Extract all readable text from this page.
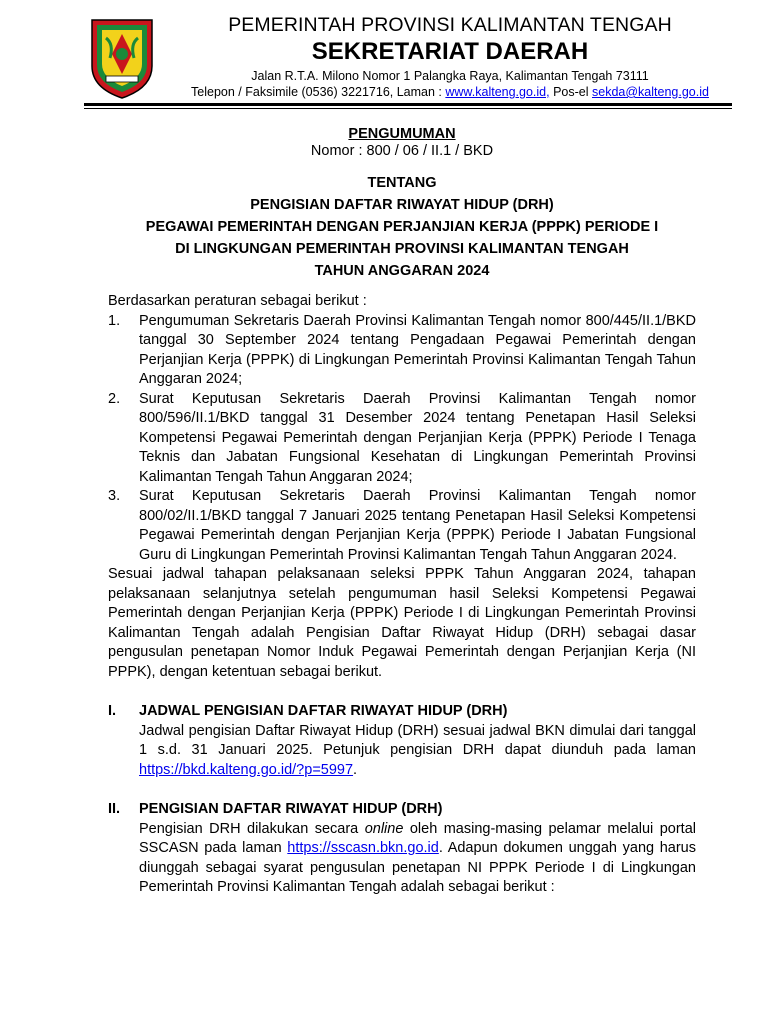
PEMERINTAH PROVINSI KALIMANTAN TENGAH
SEKRETARIAT DAERAH
Jalan R.T.A. Milono Nomor 1 Palangka Raya, Kalimantan Tengah 73111
Telepon / Faksimile (0536) 3221716, Laman : www.kalteng.go.id, Pos-el sekda@kalteng.go.id
PENGUMUMAN
Nomor : 800 / 06 / II.1 / BKD
TENTANG
PENGISIAN DAFTAR RIWAYAT HIDUP (DRH)
PEGAWAI PEMERINTAH DENGAN PERJANJIAN KERJA (PPPK) PERIODE I
DI LINGKUNGAN PEMERINTAH PROVINSI KALIMANTAN TENGAH
TAHUN ANGGARAN 2024

Berdasarkan peraturan sebagai berikut :

1. Pengumuman Sekretaris Daerah Provinsi Kalimantan Tengah nomor 800/445/II.1/BKD tanggal 30 September 2024 tentang Pengadaan Pegawai Pemerintah dengan Perjanjian Kerja (PPPK) di Lingkungan Pemerintah Provinsi Kalimantan Tengah Tahun Anggaran 2024;
2. Surat Keputusan Sekretaris Daerah Provinsi Kalimantan Tengah nomor 800/596/II.1/BKD tanggal 31 Desember 2024 tentang Penetapan Hasil Seleksi Kompetensi Pegawai Pemerintah dengan Perjanjian Kerja (PPPK) Periode I Tenaga Teknis dan Jabatan Fungsional Kesehatan di Lingkungan Pemerintah Provinsi Kalimantan Tengah Tahun Anggaran 2024;
3. Surat Keputusan Sekretaris Daerah Provinsi Kalimantan Tengah nomor 800/02/II.1/BKD tanggal 7 Januari 2025 tentang Penetapan Hasil Seleksi Kompetensi Pegawai Pemerintah dengan Perjanjian Kerja (PPPK) Periode I Jabatan Fungsional Guru di Lingkungan Pemerintah Provinsi Kalimantan Tengah Tahun Anggaran 2024.

Sesuai jadwal tahapan pelaksanaan seleksi PPPK Tahun Anggaran 2024, tahapan pelaksanaan selanjutnya setelah pengumuman hasil Seleksi Kompetensi Pegawai Pemerintah dengan Perjanjian Kerja (PPPK) Periode I di Lingkungan Pemerintah Provinsi Kalimantan Tengah adalah Pengisian Daftar Riwayat Hidup (DRH) sebagai dasar pengusulan penetapan Nomor Induk Pegawai Pemerintah dengan Perjanjian Kerja (NI PPPK), dengan ketentuan sebagai berikut.

I. JADWAL PENGISIAN DAFTAR RIWAYAT HIDUP (DRH)
Jadwal pengisian Daftar Riwayat Hidup (DRH) sesuai jadwal BKN dimulai dari tanggal 1 s.d. 31 Januari 2025. Petunjuk pengisian DRH dapat diunduh pada laman https://bkd.kalteng.go.id/?p=5997.
II. PENGISIAN DAFTAR RIWAYAT HIDUP (DRH)
Pengisian DRH dilakukan secara online oleh masing-masing pelamar melalui portal SSCASN pada laman https://sscasn.bkn.go.id. Adapun dokumen unggah yang harus diunggah sebagai syarat pengusulan penetapan NI PPPK Periode I di Lingkungan Pemerintah Provinsi Kalimantan Tengah adalah sebagai berikut :
